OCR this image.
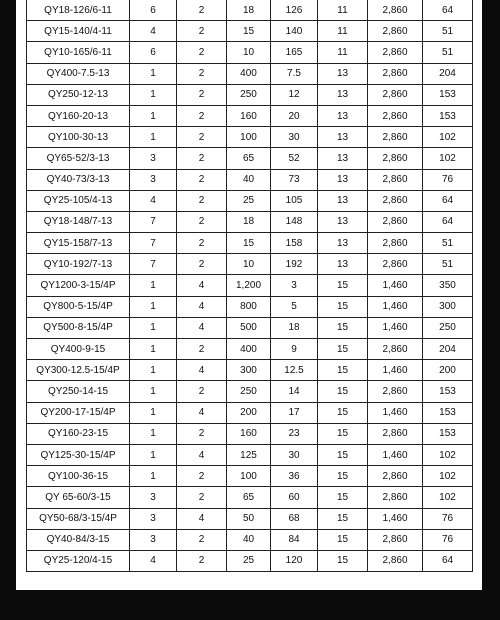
QY18-126/6-11	6	2	18	126	11	2,860	64
QY15-140/4-11	4	2	15	140	11	2,860	51
QY10-165/6-11	6	2	10	165	11	2,860	51
QY400-7.5-13	1	2	400	7.5	13	2,860	204
QY250-12-13	1	2	250	12	13	2,860	153
QY160-20-13	1	2	160	20	13	2,860	153
QY100-30-13	1	2	100	30	13	2,860	102
QY65-52/3-13	3	2	65	52	13	2,860	102
QY40-73/3-13	3	2	40	73	13	2,860	76
QY25-105/4-13	4	2	25	105	13	2,860	64
QY18-148/7-13	7	2	18	148	13	2,860	64
QY15-158/7-13	7	2	15	158	13	2,860	51
QY10-192/7-13	7	2	10	192	13	2,860	51
QY1200-3-15/4P	1	4	1,200	3	15	1,460	350
QY800-5-15/4P	1	4	800	5	15	1,460	300
QY500-8-15/4P	1	4	500	18	15	1,460	250
QY400-9-15	1	2	400	9	15	2,860	204
QY300-12.5-15/4P	1	4	300	12.5	15	1,460	200
QY250-14-15	1	2	250	14	15	2,860	153
QY200-17-15/4P	1	4	200	17	15	1,460	153
QY160-23-15	1	2	160	23	15	2,860	153
QY125-30-15/4P	1	4	125	30	15	1,460	102
QY100-36-15	1	2	100	36	15	2,860	102
QY 65-60/3-15	3	2	65	60	15	2,860	102
QY50-68/3-15/4P	3	4	50	68	15	1,460	76
QY40-84/3-15	3	2	40	84	15	2,860	76
QY25-120/4-15	4	2	25	120	15	2,860	64
